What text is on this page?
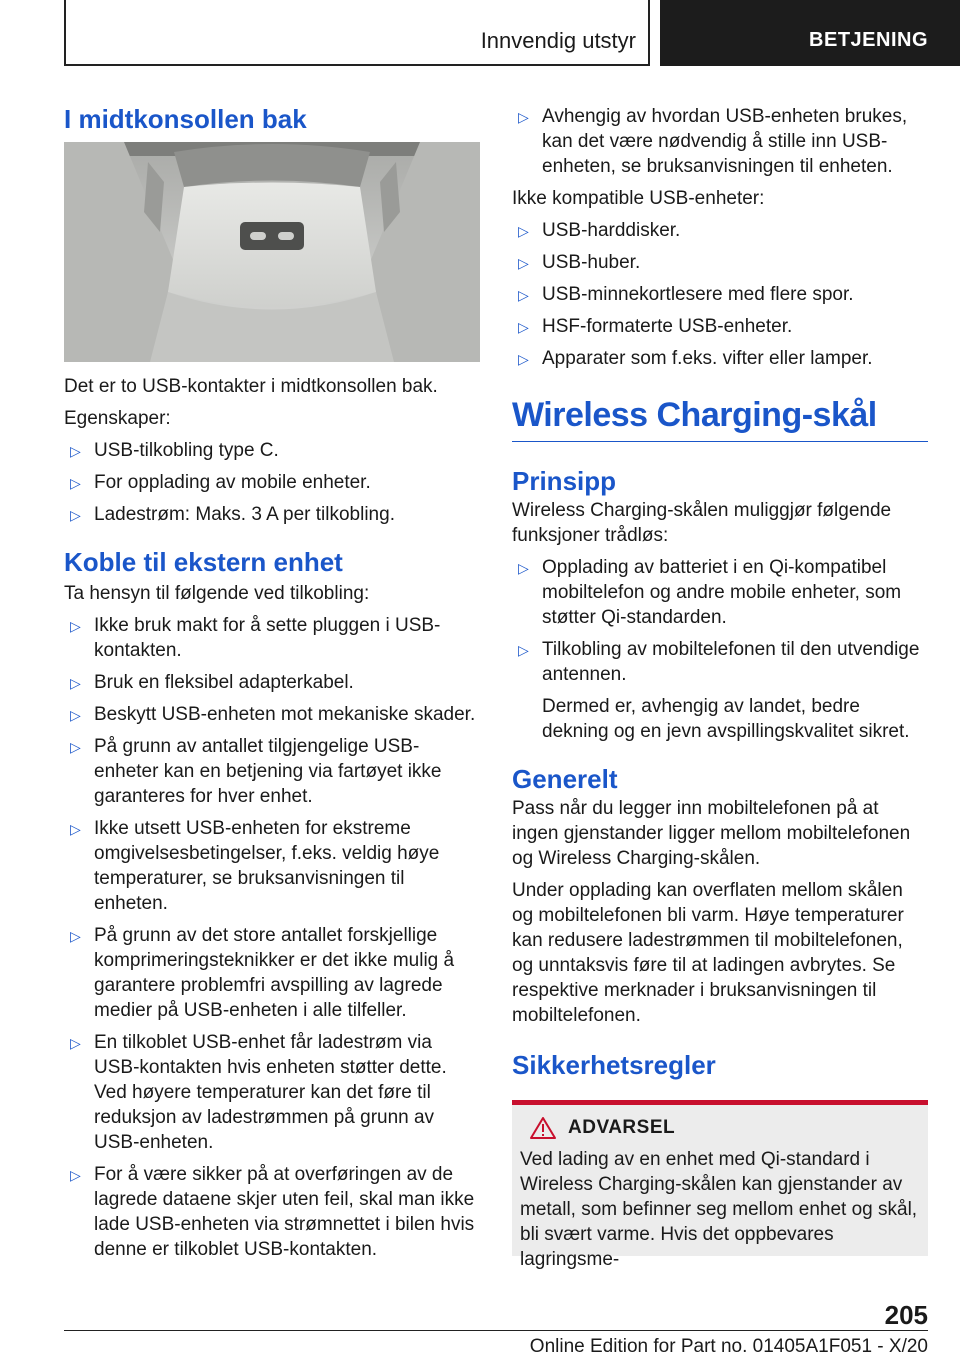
Innvendig utstyr	BETJENING
I midtkonsollen bak

Det er to USB-kontakter i midtkonsollen bak.

Egenskaper:

▷ USB-tilkobling type C.
▷ For opplading av mobile enheter.
▷ Ladestrøm: Maks. 3 A per tilkobling.
Koble til ekstern enhet

Ta hensyn til følgende ved tilkobling:

▷ Ikke bruk makt for å sette pluggen i USB-kontakten.
▷ Bruk en fleksibel adapterkabel.
▷ Beskytt USB-enheten mot mekaniske skader.
▷ På grunn av antallet tilgjengelige USB-enheter kan en betjening via fartøyet ikke garanteres for hver enhet.
▷ Ikke utsett USB-enheten for ekstreme omgivelsesbetingelser, f.eks. veldig høye temperaturer, se bruksanvisningen til enheten.
▷ På grunn av det store antallet forskjellige komprimeringsteknikker er det ikke mulig å garantere problemfri avspilling av lagrede medier på USB-enheten i alle tilfeller.
▷ En tilkoblet USB-enhet får ladestrøm via USB-kontakten hvis enheten støtter dette. Ved høyere temperaturer kan det føre til reduksjon av ladestrømmen på grunn av USB-enheten.
▷ For å være sikker på at overføringen av de lagrede dataene skjer uten feil, skal man ikke lade USB-enheten via strømnettet i bilen hvis denne er tilkoblet USB-kontakten.
▷ Avhengig av hvordan USB-enheten brukes, kan det være nødvendig å stille inn USB-enheten, se bruksanvisningen til enheten.

Ikke kompatible USB-enheter:

▷ USB-harddisker.
▷ USB-huber.
▷ USB-minnekortlesere med flere spor.
▷ HSF-formaterte USB-enheter.
▷ Apparater som f.eks. vifter eller lamper.
Wireless Charging-skål
Prinsipp

Wireless Charging-skålen muliggjør følgende funksjoner trådløs:

▷ Opplading av batteriet i en Qi-kompatibel mobiltelefon og andre mobile enheter, som støtter Qi-standarden.
▷ Tilkobling av mobiltelefonen til den utvendige antennen.
Dermed er, avhengig av landet, bedre dekning og en jevn avspillingskvalitet sikret.
Generelt

Pass når du legger inn mobiltelefonen på at ingen gjenstander ligger mellom mobiltelefonen og Wireless Charging-skålen.

Under opplading kan overflaten mellom skålen og mobiltelefonen bli varm. Høye temperaturer kan redusere ladestrømmen til mobiltelefonen, og unntaksvis føre til at ladingen avbrytes. Se respektive merknader i bruksanvisningen til mobiltelefonen.

Sikkerhetsregler
ADVARSEL

Ved lading av en enhet med Qi-standard i Wireless Charging-skålen kan gjenstander av metall, som befinner seg mellom enhet og skål, bli svært varme. Hvis det oppbevares lagringsme-

205
Online Edition for Part no. 01405A1F051 - X/20
